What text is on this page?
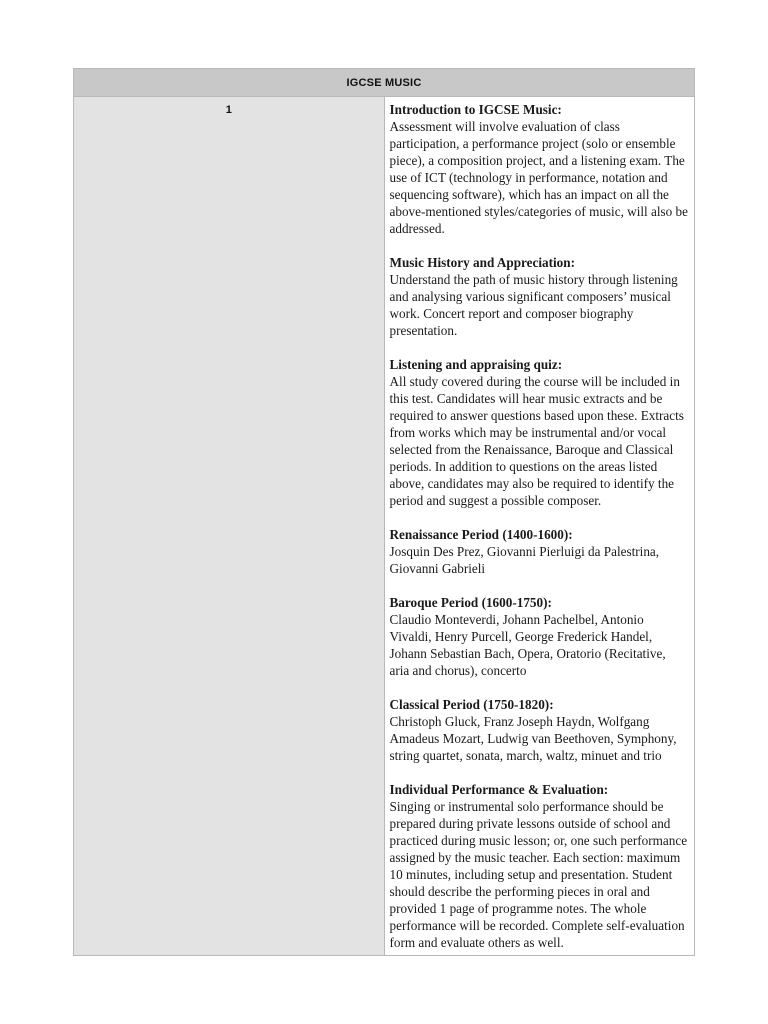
IGCSE MUSIC
1	Introduction to IGCSE Music:
Assessment will involve evaluation of class participation, a performance project (solo or ensemble piece), a composition project, and a listening exam. The use of ICT (technology in performance, notation and sequencing software), which has an impact on all the above-mentioned styles/categories of music, will also be addressed.
Music History and Appreciation:
Understand the path of music history through listening and analysing various significant composers’ musical work. Concert report and composer biography presentation.
Listening and appraising quiz:
All study covered during the course will be included in this test. Candidates will hear music extracts and be required to answer questions based upon these. Extracts from works which may be instrumental and/or vocal selected from the Renaissance, Baroque and Classical periods. In addition to questions on the areas listed above, candidates may also be required to identify the period and suggest a possible composer.
Renaissance Period (1400-1600):
Josquin Des Prez, Giovanni Pierluigi da Palestrina, Giovanni Gabrieli
Baroque Period (1600-1750):
Claudio Monteverdi, Johann Pachelbel, Antonio Vivaldi, Henry Purcell, George Frederick Handel, Johann Sebastian Bach, Opera, Oratorio (Recitative, aria and chorus), concerto
Classical Period (1750-1820):
Christoph Gluck, Franz Joseph Haydn, Wolfgang Amadeus Mozart, Ludwig van Beethoven, Symphony, string quartet, sonata, march, waltz, minuet and trio
Individual Performance & Evaluation:
Singing or instrumental solo performance should be prepared during private lessons outside of school and practiced during music lesson; or, one such performance assigned by the music teacher. Each section: maximum 10 minutes, including setup and presentation. Student should describe the performing pieces in oral and provided 1 page of programme notes. The whole performance will be recorded. Complete self-evaluation form and evaluate others as well.
